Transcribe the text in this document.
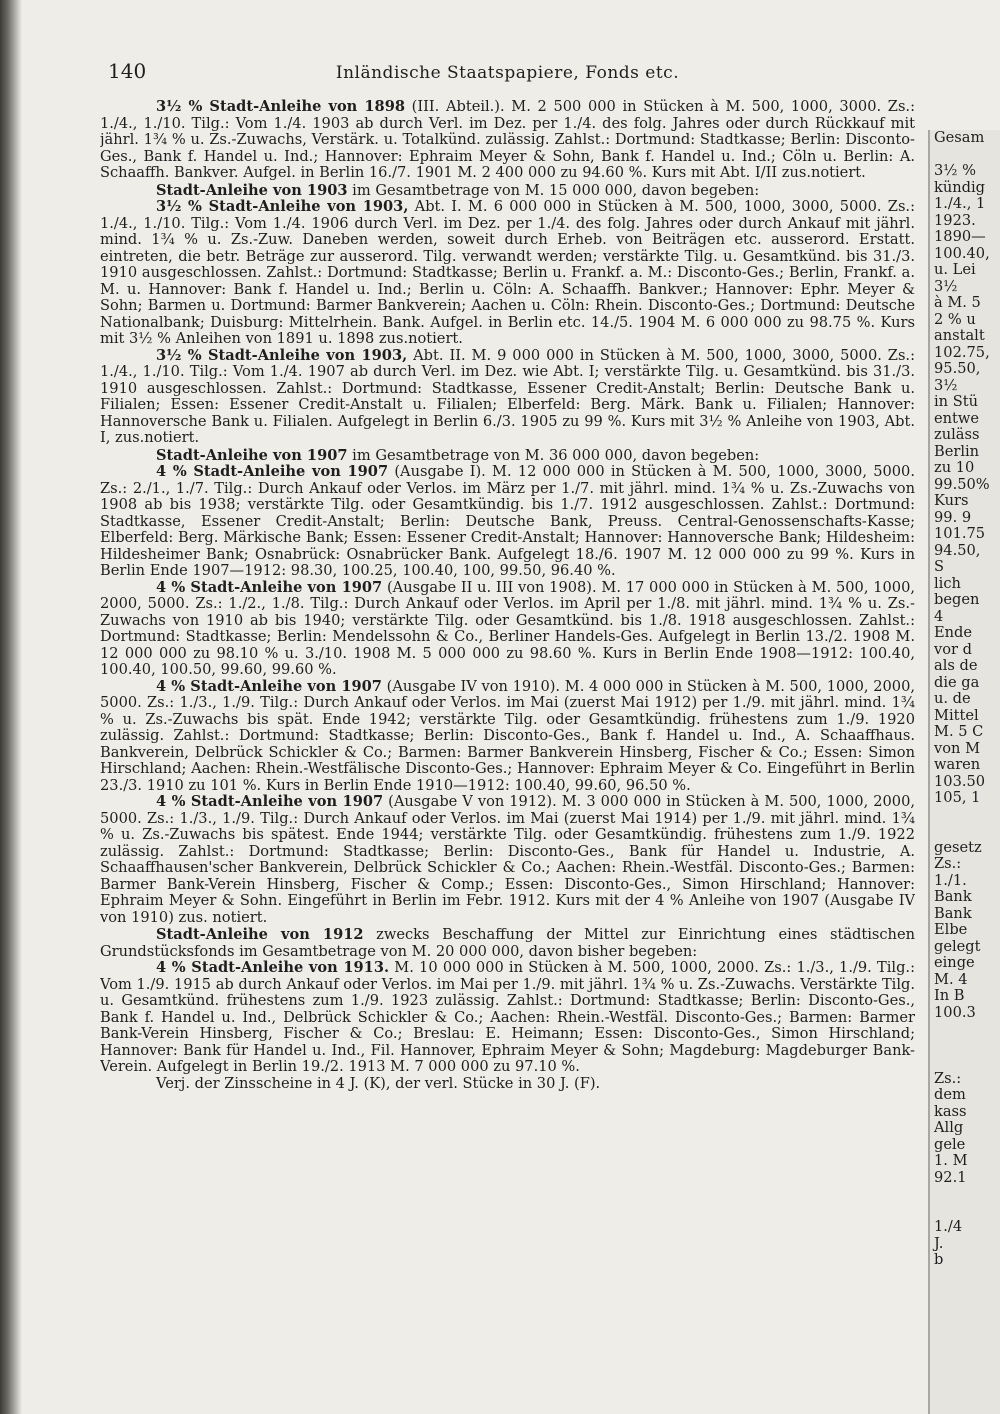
140	Inländische Staatspapiere, Fonds etc.

3½ % Stadt-Anleihe von 1898 (III. Abteil.). M. 2 500 000 in Stücken à M. 500, 1000, 3000. Zs.: 1./4., 1./10. Tilg.: Vom 1./4. 1903 ab durch Verl. im Dez. per 1./4. des folg. Jahres oder durch Rückkauf mit jährl. 1¾ % u. Zs.-Zuwachs, Verstärk. u. Totalkünd. zulässig. Zahlst.: Dortmund: Stadtkasse; Berlin: Disconto-Ges., Bank f. Handel u. Ind.; Hannover: Ephraim Meyer & Sohn, Bank f. Handel u. Ind.; Cöln u. Berlin: A. Schaaffh. Bankver. Aufgel. in Berlin 16./7. 1901 M. 2 400 000 zu 94.60 %. Kurs mit Abt. I/II zus.notiert.

Stadt-Anleihe von 1903 im Gesamtbetrage von M. 15 000 000, davon begeben:

3½ % Stadt-Anleihe von 1903, Abt. I. M. 6 000 000 in Stücken à M. 500, 1000, 3000, 5000. Zs.: 1./4., 1./10. Tilg.: Vom 1./4. 1906 durch Verl. im Dez. per 1./4. des folg. Jahres oder durch Ankauf mit jährl. mind. 1¾ % u. Zs.-Zuw. Daneben werden, soweit durch Erheb. von Beiträgen etc. ausserord. Erstatt. eintreten, die betr. Beträge zur ausserord. Tilg. verwandt werden; verstärkte Tilg. u. Gesamtkünd. bis 31./3. 1910 ausgeschlossen. Zahlst.: Dortmund: Stadtkasse; Berlin u. Frankf. a. M.: Disconto-Ges.; Berlin, Frankf. a. M. u. Hannover: Bank f. Handel u. Ind.; Berlin u. Cöln: A. Schaaffh. Bankver.; Hannover: Ephr. Meyer & Sohn; Barmen u. Dortmund: Barmer Bankverein; Aachen u. Cöln: Rhein. Disconto-Ges.; Dortmund: Deutsche Nationalbank; Duisburg: Mittelrhein. Bank. Aufgel. in Berlin etc. 14./5. 1904 M. 6 000 000 zu 98.75 %. Kurs mit 3½ % Anleihen von 1891 u. 1898 zus.notiert.

3½ % Stadt-Anleihe von 1903, Abt. II. M. 9 000 000 in Stücken à M. 500, 1000, 3000, 5000. Zs.: 1./4., 1./10. Tilg.: Vom 1./4. 1907 ab durch Verl. im Dez. wie Abt. I; verstärkte Tilg. u. Gesamtkünd. bis 31./3. 1910 ausgeschlossen. Zahlst.: Dortmund: Stadtkasse, Essener Credit-Anstalt; Berlin: Deutsche Bank u. Filialen; Essen: Essener Credit-Anstalt u. Filialen; Elberfeld: Berg. Märk. Bank u. Filialen; Hannover: Hannoversche Bank u. Filialen. Aufgelegt in Berlin 6./3. 1905 zu 99 %. Kurs mit 3½ % Anleihe von 1903, Abt. I, zus.notiert.

Stadt-Anleihe von 1907 im Gesamtbetrage von M. 36 000 000, davon begeben:

4 % Stadt-Anleihe von 1907 (Ausgabe I). M. 12 000 000 in Stücken à M. 500, 1000, 3000, 5000. Zs.: 2./1., 1./7. Tilg.: Durch Ankauf oder Verlos. im März per 1./7. mit jährl. mind. 1¾ % u. Zs.-Zuwachs von 1908 ab bis 1938; verstärkte Tilg. oder Gesamtkündig. bis 1./7. 1912 ausgeschlossen. Zahlst.: Dortmund: Stadtkasse, Essener Credit-Anstalt; Berlin: Deutsche Bank, Preuss. Central-Genossenschafts-Kasse; Elberfeld: Berg. Märkische Bank; Essen: Essener Credit-Anstalt; Hannover: Hannoversche Bank; Hildesheim: Hildesheimer Bank; Osnabrück: Osnabrücker Bank. Aufgelegt 18./6. 1907 M. 12 000 000 zu 99 %. Kurs in Berlin Ende 1907—1912: 98.30, 100.25, 100.40, 100, 99.50, 96.40 %.

4 % Stadt-Anleihe von 1907 (Ausgabe II u. III von 1908). M. 17 000 000 in Stücken à M. 500, 1000, 2000, 5000. Zs.: 1./2., 1./8. Tilg.: Durch Ankauf oder Verlos. im April per 1./8. mit jährl. mind. 1¾ % u. Zs.-Zuwachs von 1910 ab bis 1940; verstärkte Tilg. oder Gesamtkünd. bis 1./8. 1918 ausgeschlossen. Zahlst.: Dortmund: Stadtkasse; Berlin: Mendelssohn & Co., Berliner Handels-Ges. Aufgelegt in Berlin 13./2. 1908 M. 12 000 000 zu 98.10 % u. 3./10. 1908 M. 5 000 000 zu 98.60 %. Kurs in Berlin Ende 1908—1912: 100.40, 100.40, 100.50, 99.60, 99.60 %.

4 % Stadt-Anleihe von 1907 (Ausgabe IV von 1910). M. 4 000 000 in Stücken à M. 500, 1000, 2000, 5000. Zs.: 1./3., 1./9. Tilg.: Durch Ankauf oder Verlos. im Mai (zuerst Mai 1912) per 1./9. mit jährl. mind. 1¾ % u. Zs.-Zuwachs bis spät. Ende 1942; verstärkte Tilg. oder Gesamtkündig. frühestens zum 1./9. 1920 zulässig. Zahlst.: Dortmund: Stadtkasse; Berlin: Disconto-Ges., Bank f. Handel u. Ind., A. Schaaffhaus. Bankverein, Delbrück Schickler & Co.; Barmen: Barmer Bankverein Hinsberg, Fischer & Co.; Essen: Simon Hirschland; Aachen: Rhein.-Westfälische Disconto-Ges.; Hannover: Ephraim Meyer & Co. Eingeführt in Berlin 23./3. 1910 zu 101 %. Kurs in Berlin Ende 1910—1912: 100.40, 99.60, 96.50 %.

4 % Stadt-Anleihe von 1907 (Ausgabe V von 1912). M. 3 000 000 in Stücken à M. 500, 1000, 2000, 5000. Zs.: 1./3., 1./9. Tilg.: Durch Ankauf oder Verlos. im Mai (zuerst Mai 1914) per 1./9. mit jährl. mind. 1¾ % u. Zs.-Zuwachs bis spätest. Ende 1944; verstärkte Tilg. oder Gesamtkündig. frühestens zum 1./9. 1922 zulässig. Zahlst.: Dortmund: Stadtkasse; Berlin: Disconto-Ges., Bank für Handel u. Industrie, A. Schaaffhausen'scher Bankverein, Delbrück Schickler & Co.; Aachen: Rhein.-Westfäl. Disconto-Ges.; Barmen: Barmer Bank-Verein Hinsberg, Fischer & Comp.; Essen: Disconto-Ges., Simon Hirschland; Hannover: Ephraim Meyer & Sohn. Eingeführt in Berlin im Febr. 1912. Kurs mit der 4 % Anleihe von 1907 (Ausgabe IV von 1910) zus. notiert.

Stadt-Anleihe von 1912 zwecks Beschaffung der Mittel zur Einrichtung eines städtischen Grundstücksfonds im Gesamtbetrage von M. 20 000 000, davon bisher begeben:

4 % Stadt-Anleihe von 1913. M. 10 000 000 in Stücken à M. 500, 1000, 2000. Zs.: 1./3., 1./9. Tilg.: Vom 1./9. 1915 ab durch Ankauf oder Verlos. im Mai per 1./9. mit jährl. 1¾ % u. Zs.-Zuwachs. Verstärkte Tilg. u. Gesamtkünd. frühestens zum 1./9. 1923 zulässig. Zahlst.: Dortmund: Stadtkasse; Berlin: Disconto-Ges., Bank f. Handel u. Ind., Delbrück Schickler & Co.; Aachen: Rhein.-Westfäl. Disconto-Ges.; Barmen: Barmer Bank-Verein Hinsberg, Fischer & Co.; Breslau: E. Heimann; Essen: Disconto-Ges., Simon Hirschland; Hannover: Bank für Handel u. Ind., Fil. Hannover, Ephraim Meyer & Sohn; Magdeburg: Magdeburger Bank-Verein. Aufgelegt in Berlin 19./2. 1913 M. 7 000 000 zu 97.10 %.

Verj. der Zinsscheine in 4 J. (K), der verl. Stücke in 30 J. (F).

Gesam
3½ %
kündig
1./4., 1
1923.
1890—
100.40,
u. Lei
3½
à M. 5
2 % u
anstalt
102.75,
95.50,
3½
in Stü
entwe
zuläss
Berlin
zu 10
99.50%
Kurs
99. 9
101.75
94.50,
S
lich
begen
4
Ende
vor d
als de
die ga
u. de
Mittel
M. 5 C
von M
waren
103.50
105, 1
gesetz
Zs.:
1./1.
Bank
Bank
Elbe
gelegt
einge
M. 4
In B
100.3
Zs.:
dem
kass
Allg
gele
1. M
92.1
1./4
J.
b
